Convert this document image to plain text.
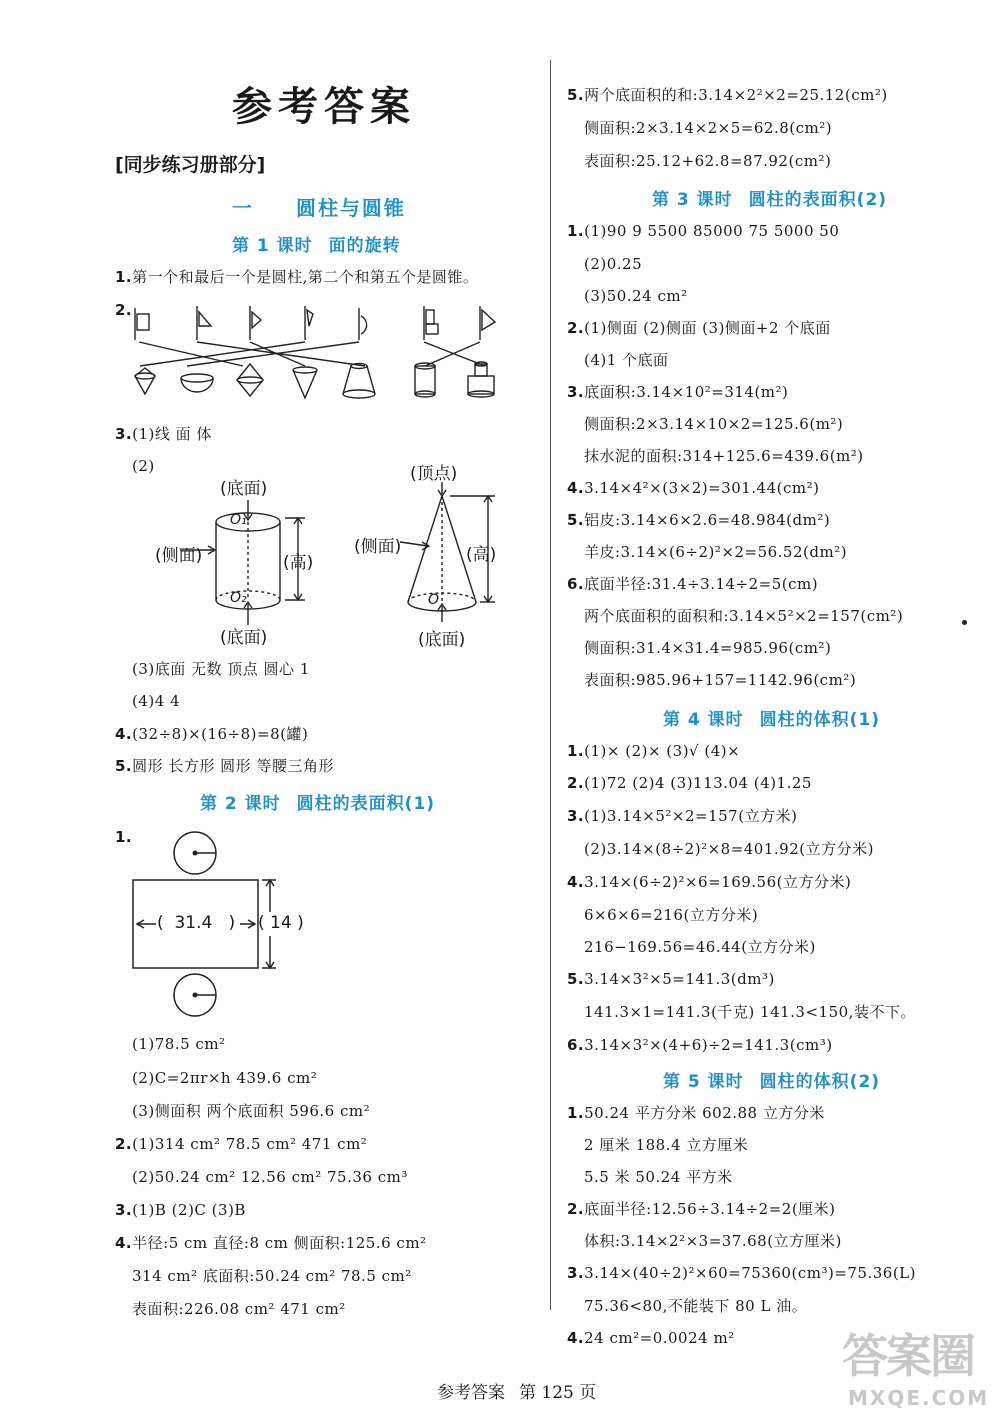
参考答案
[同步练习册部分]
一 圆柱与圆锥
第 1 课时 面的旋转
1.第一个和最后一个是圆柱,第二个和第五个是圆锥。
2.
3.(1)线 面 体
(2)
(底面)
O₁
(侧面)	(高)
O₂
(底面)
(顶点)
(侧面)	(高)
O
(底面)
(3)底面 无数 顶点 圆心 1
(4)4 4
4.(32÷8)×(16÷8)=8(罐)
5.圆形 长方形 圆形 等腰三角形
第 2 课时 圆柱的表面积(1)
1.
(  31.4   ) ( 14 )
(1)78.5 cm²
(2)C=2πr×h 439.6 cm²
(3)侧面积 两个底面积 596.6 cm²
2.(1)314 cm² 78.5 cm² 471 cm²
(2)50.24 cm² 12.56 cm² 75.36 cm³
3.(1)B (2)C (3)B
4.半径:5 cm 直径:8 cm 侧面积:125.6 cm²
314 cm² 底面积:50.24 cm² 78.5 cm²
表面积:226.08 cm² 471 cm²
5.两个底面积的和:3.14×2²×2=25.12(cm²)
侧面积:2×3.14×2×5=62.8(cm²)
表面积:25.12+62.8=87.92(cm²)
第 3 课时 圆柱的表面积(2)
1.(1)90 9 5500 85000 75 5000 50
(2)0.25
(3)50.24 cm²
2.(1)侧面 (2)侧面 (3)侧面+2 个底面
(4)1 个底面
3.底面积:3.14×10²=314(m²)
侧面积:2×3.14×10×2=125.6(m²)
抹水泥的面积:314+125.6=439.6(m²)
4.3.14×4²×(3×2)=301.44(cm²)
5.铝皮:3.14×6×2.6=48.984(dm²)
羊皮:3.14×(6÷2)²×2=56.52(dm²)
6.底面半径:31.4÷3.14÷2=5(cm)
两个底面积的面积和:3.14×5²×2=157(cm²)
侧面积:31.4×31.4=985.96(cm²)
表面积:985.96+157=1142.96(cm²)
第 4 课时 圆柱的体积(1)
1.(1)× (2)× (3)√ (4)×
2.(1)72 (2)4 (3)113.04 (4)1.25
3.(1)3.14×5²×2=157(立方米)
(2)3.14×(8÷2)²×8=401.92(立方分米)
4.3.14×(6÷2)²×6=169.56(立方分米)
6×6×6=216(立方分米)
216−169.56=46.44(立方分米)
5.3.14×3²×5=141.3(dm³)
141.3×1=141.3(千克) 141.3<150,装不下。
6.3.14×3²×(4+6)÷2=141.3(cm³)
第 5 课时 圆柱的体积(2)
1.50.24 平方分米 602.88 立方分米
2 厘米 188.4 立方厘米
5.5 米 50.24 平方米
2.底面半径:12.56÷3.14÷2=2(厘米)
体积:3.14×2²×3=37.68(立方厘米)
3.3.14×(40÷2)²×60=75360(cm³)=75.36(L)
75.36<80,不能装下 80 L 油。
4.24 cm²=0.0024 m²
参考答案 第 125 页
答案圈
MXQE.COM
